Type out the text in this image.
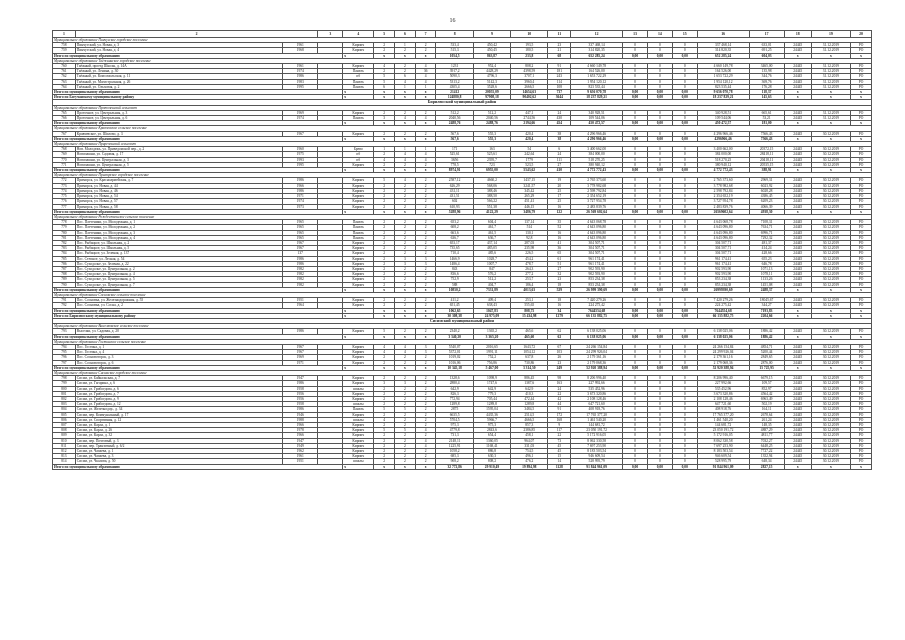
16
1	2		3	4	5	6	7	8	9	10	11	12	13	14	15	16	17	18	19	20
Муниципальное образование Пинчугское городское поселение																				
758	Пинчугский, ул. Новая, д. 3	1961		Кирпич	2	1	2	533,4	450,42	193,5	23	337 468,14	0	0	0	337 468,14	633,01	24445	31.12.2019	РО
759	Пинчугский, ул. Новая, д. 4	1968		Кирпич	2	2	2	515,3	450,45	180,5	21	314 820,35	0	0	0	314 820,35	691,25	24445	31.12.2019	РО
Итого по муниципальному образованию				x	x	x	x	1054,5	863,87	233,8	68	652 285,24	0,00	0,00	0,00	652 285,24	604,03	х	х	х
Муниципальное образование Таёжнинское городское поселение																				
760	Таёжный, проезд Школы, д. 14А	1961		Кирпич	4	2	4	1231	952,4	808,2	91	4 660 149,78	0	0	0	4 660 149,78	3465,00	24445	31.12.2019	РО
761	Таёжный, ул. Ленина, д. 30	1974		Панель	2	2	36	3917,2	4428,29	4398,59	181	164 526,00	0	0	0	164 526,00	135,98	24445	31.12.2019	РО
762	Таёжный, ул. Комсомольская, д. 11	1986		пб	5	6	4	5090,3	4796,3	3707,1	243	1 653 722,29	0	0	0	1 653 722,29	344,76	24445	31.12.2019	РО
763	Таёжный, ул. Магистральная, д. 26	1983		Панель	5	4	4	5313,2	5142,3	3960,4	114	1 954 120,12	0	0	0	1 954 120,12	369,76	24445	31.12.2019	РО
764	Таёжный, ул. Ольховая, д. 2	1995		Панель	6	1	1	4305,4	3528,6	2666,5	108	823 535,44	0	0	0	823 535,44	176,28	24445	31.12.2019	РО
Итого по муниципальному образованию				x	x	x	x	21412	20055,09	14654,63	737	9 656 070,78	0,00	0,00	0,00	9 656 070,78	118,37	х	х	х
Итого по Богучанскому муниципальному району				x	x	x	x	124880,8	97908,18	90402,62	3644	18 237 829,21	0,00	0,00	0,00	18 237 829,21	145,63	х	х	х
Бирилюсский муниципальный район																				
Муниципальное образование Проточенский сельсовет																				
765	Проточное, ул. Центральная, д. 3	1969		Кирпич	2	2	2	512,2	512,2	447,1	24	340 928,51	0	0	0	340 928,51	665,61	24445	31.12.2019	РО
766	Проточное, ул. Центральная, д. 6	1974		Панель	3	4	4	2040,56	2040,56	2744,56	430	109 544,06	0	0	0	109 544,06	53,21	24445	31.12.2019	РО
Итого по муниципальному образованию				x	x	x	x	2488,76	2488,76	2194,66	454	450 472,57	0,00	0,00	0,00	450 472,57	181,00	х	х	х
Муниципальное образование Кравчевское сельское поселение																				
767	Кравчевское, ул. Шилово, д. 3	1967		Кирпич	2	2	2	567,6	555,3	420,4	38	4 296 966,46	0	0	0	4 296 966,46	7566,43	24445	30.12.2019	РО
Итого по муниципальному образованию				x	x	x	x	567,6	555,3	420,4	38	4 296 966,46	0,00	0,00	0,00	4296966,46	7566,43	х	х	х
Муниципальное образование Приреченский сельсовет																				
768	Нов. Молодежь, ул. Приведомской пер., д. 2	1960		Брево	1	1	1	171	163	54	6	3 400 662,00	0	0	0	3 400 662,00	20372,15	24445	30.12.2019	РО
769	Новопашни, ул. Садовая, д. 17	1975		пб	2	4	4	525,61	525,61	242,64	24	384 000,00	0	0	0	384 000,00	28418,11	24445	30.12.2019	РО
770	Новопашни, ул. Центральная, д. 3	1993		пб	4	4	4	3656	2395,7	1779	111	518 270,25	0	0	0	518 270,25	20418,11	24445	30.12.2019	РО
771	Новопашни, ул. Центральная, д. 5	1995		Кирпич	2	2	2	778,5	723	523,5	27	380 940,12	0	0	0	380 940,12	20535,15	24445	30.12.2019	РО
Итого по муниципальному образованию				x	x	x	x	8974,91	6955,00	5543,62	410	4 772 772,43	0,00	0,00	0,00	4 772 772,43	388,91	х	х	х
Муниципальное образование Приморское городское поселение																				
772	Приморск, ул. Красноармейская, д. 7	1986		Кирпич	5	4	2	2587,12	4660,2	1437,15	19	2 765 373,60	0	0	0	2 765 373,60	2969,31	24445	30.12.2019	РО
773	Приморск, ул. Новая, д. 44	1966		Кирпич	2	2	2	626,29	568,06	3241,57	20	3 778 982,68	0	0	0	3 778 982,68	6023,92	24445	30.12.2019	РО
774	Приморск, ул. Новая, д. 46	1986		Кирпич	2	2	2	431,11	388,46	345,42	25	2 598 792,84	0	0	0	2 598 792,84	6028,28	24445	30.12.2019	РО
775	Приморск, ул. Новая, д. 54	1971		Кирпич	2	2	2	431,51	388,50	265,29	17	2 354 652,19	0	0	0	2 354 652,19	4386,45	24445	30.12.2019	РО
776	Приморск, ул. Новая, д. 57	1974		Кирпич	2	2	2	602	566,22	451,41	25	3 727 954,78	0	0	0	3 727 954,78	6209,23	24445	30.12.2019	РО
777	Приморск, ул. Новая, д. 58	1973		Кирпич	2	2	2	610,93	551,38	446,15	16	2 483 839,76	0	0	0	2 483 839,76	4066,39	24445	30.12.2019	РО
Итого по муниципальному образованию				x	x	x	x	5288,96	4122,29	3486,79	122	26 569 602,64	0,00	0,00	0,00	26569602,64	4938,30	х	х	х
Муниципальное образование Рождественское сельское поселение																				
778	Пос. Плетеники, ул. Молодежная, д. 1	1965		Панель	2	2	2	653,2	604,4	137,14	35	4 643 068,78	0	0	0	4 643 068,78	7108,31	24445	30.12.2019	РО
779	Пос. Плетеники, ул. Молодежная, д. 2	1965		Панель	2	2	2	608,2	461,7	514	52	4 643 096,80	0	0	0	4 643 096,80	7634,71	24445	30.12.2019	РО
780	Пос. Плетеники, ул. Молодежная, д. 3	1965		Панель	2	2	2	663,6	461,5	130,1	16	4 643 096,80	0	0	0	4 643 096,80	6996,71	24445	30.12.2019	РО
781	Пос. Плетеники, ул. Молодежная, д. 4	1965		Панель	2	2	2	636,7	636,7	92,8	16	4 643 096,80	0	0	0	4 643 096,80	7292,32	24445	30.12.2019	РО
782	Пос. Рыбацкое, ул. Школьная, д. 2	1967		Кирпич	2	2	2	653,17	437,14	287,03	41	304 507,71	0	0	0	304 507,71	481,37	24445	30.12.2019	РО
783	Пос. Рыбацкое, ул. Школьная, д. 5	1967		Кирпич	2	2	2	735,65	485,05	235,98	36	304 507,71	0	0	0	304 507,71	414,24	24445	30.12.2019	РО
784	Пос. Рыбацкое, ул. Зеленая, д. 137	137		Кирпич	2	2	2	710,4	485,6	226,5	65	304 507,71	0	0	0	304 507,71	428,66	24445	30.12.2019	РО
785	Пос. Степное, ул. Лесная, д. 54	1986		Кирпич	2	3	3	1466,9	1028,7	454,2	61	961 174,41	0	0	0	961 174,41	655,23	24445	30.12.2019	РО
786	Пос. Суходолье, ул. Зеленая, д. 22	1986		Кирпич	2	3	3	1486,4	1007,7	478,7	51	961 174,41	0	0	0	961 174,41	646,78	24445	30.12.2019	РО
787	Пос. Суходолье, ул. Центральная, д. 2	1982		Кирпич	2	2	2	843	847	264,3	27	902 593,90	0	0	0	902 593,90	1071,13	24445	30.12.2019	РО
788	Пос. Суходолье, ул. Центральная, д. 4	1982		Кирпич	2	2	2	836,6	576,2	277,2	32	902 593,90	0	0	0	902 593,90	1078,11	24445	30.12.2019	РО
789	Пос. Суходолье, ул. Центральная, д. 5	1982		Кирпич	2	2	2	752,9	512,2	253,7	23	853 234,38	0	0	0	853 234,38	1133,26	24445	30.12.2019	РО
790	Пос. Суходолье, ул. Центральная, д. 7	1982		Кирпич	2	2	2	588	404,7	186,4	18	853 234,38	0	0	0	853 234,38	1451,08	24445	30.12.2019	РО
Итого по муниципальному образованию				x	x	x	x	10850,2	7331,89	4013,63	529	26 999 390,69	0,00	0,00	0,00	26999390,69	2488,37	х	х	х
Муниципальное образование Сосновское сельское поселение																				
791	Пос. Сосновка, ул. Железнодорожная, д. 55	1951		Кирпич	2	2	2	411,2	409,4	253,1	18	7 420 279,26	0	0	0	7 420 279,26	18045,67	24445	30.12.2019	РО
792	Пос. Сосновка, ул. Сосна, д. 2	1964		Кирпич	2	2	2	651,45	638,43	555,65	16	224 275,42	0	0	0	224 275,42	344,27	24445	30.12.2019	РО
Итого по муниципальному образованию				x	x	x	x	1062,65	1047,83	808,75	34	7644554,68	0,00	0,00	0,00	7644554,68	7193,83	х	х	х
Итого по Бирилюсскому муниципальному району				x	x	x	x	30 308,38	24 975,09	15 434,98	1279	66 135 882,75	0,00	0,00	0,00	66 135 882,75	2204,66	х	х	х
Сисимский муниципальный район																				
Муниципальное образование Выселковское сельское поселение																				
793	Выселки, ул. Садовая, д. 20	1986		Кирпич	5	2	2	2340,2	1365,2	465,6	62	6 138 025,06	0	0	0	6 138 025,06	1886,42	24445	30.12.2019	РО
Итого по муниципальному образованию				x	x	x	x	3 340,20	3 365,20	465,60	62	6 138 025,06	0,00	0,00	0,00	6 138 025,06	1886,42	х	х	х
Муниципальное образование Гостинское сельское поселение																				
794	Пос. Гостина, д. 1	1967		Кирпич	4	4	3	5540,07	2016,65	1643,72	67	24 266 154,84	0	0	0	24 266 154,84	4854,71	24445	30.12.2019	РО
795	Пос. Гостина, д. 4	1967		Кирпич	4	4	3	5372,01	1991,11	1054,12	103	24 299 926,04	0	0	0	24 299 926,04	5200,44	24445	30.12.2019	РО
796	Пос. Сосновоторск, д. 3	1969		Кирпич	2	2	2	1019,02	752,2	637,8	26	2 179 361,16	0	0	0	2 179 361,16	2849,65	24445	30.12.2019	РО
797	Пос. Сосновоторск, д. 6	1971		Кирпич	2	2	2	1016,06	756,86	730,86	23	2 179 068,36	0	0	0	2 179 068,36	2876,00	24445	30.12.2019	РО
Итого по муниципальному образованию				x	x	x	x	10 345,18	5 467,00	3 314,50	249	52 920 388,94	0,00	0,00	0,00	52 920 388,94	15 725,95	х	х	х
Муниципальное образование Сисимское городское поселение																				
798	Сисим, ул. Байкальская, д. 7	1947		Кирпич	2	2	2	1328,6	1098,9	886,45	98	8 206 996,40	0	0	0	8 206 996,40	6679,15	24445	30.12.2019	РО
799	Сисим, ул. Гагарина, д. 6	1986		Кирпич	3	3	2	2880,4	1747,6	1387,6	163	227 992,66	0	0	0	227 992,66	109,57	24445	30.12.2019	РО
800	Сисим, ул. Грибоедова, д. 6	1958		шпалы	2	2	2	642,9	642,9	642,9	24	535 452,96	0	0	0	535 452,96	852,97	24445	30.12.2019	РО
801	Сисим, ул. Грибоедова, д. 7	1956		Кирпич	2	2	2	826,3	779,3	410,3	22	3 673 320,86	0	0	0	3 673 320,86	4564,42	24445	30.12.2019	РО
802	Сисим, ул. Грибоедова, д. 9	1956		Кирпич	2	2	2	772,94	705,44	472,44	42	2 108 128,46	0	0	0	2 108 128,46	6963,49	24445	30.12.2019	РО
803	Сисим, ул. Грибоедова, д. 12	1958		шпалы	2	2	2	1289,8	1289,8	1289,8	44	647 721,60	0	0	0	647 721,60	502,19	24445	30.12.2019	РО
804	Сисим, ул. Железнодор., д. 34	1986		Панель	5	5	2	2875	1595,04	3484,5	91	408 918,76	0	0	0	408 918,76	164,11	24445	30.12.2019	РО
805	Сисим, пер. Коммунальный, д. 17	1946		Кирпич	2	2	2	6635,5	4435,36	2514,5	172	17 765 377,20	0	0	0	17 765 377,20	2678,64	24445	30.12.2019	РО
806	Сисим, ул. Спортивная, д. 12	1988		шпалы	4	2	2	5704,5	5966,7	4666,5	168	1 461 540,20	0	0	0	1 461 540,20	261,24	24445	30.12.2019	РО
807	Сисим, ул. Карла, д. 1	1966		Кирпич	2	2	2	975,3	975,3	857,3	9	144 681,72	0	0	0	144 681,72	148,35	24445	30.12.2019	РО
808	Сисим, ул. Карла, д. 26	1978		Кирпич	5	5	4	4779,8	2843,6	2386,85	117	23 050 191,72	0	0	0	23 050 191,72	4887,29	24445	30.12.2019	РО
809	Сисим, ул. Карла, д. 32	1966		Кирпич	2	2	2	731,3	654,4	458,1	22	5 172 916,05	0	0	0	5 172 916,05	4811,77	24445	30.12.2019	РО
810	Сисим, пер. Почтовый, д. 3	1947		Кирпич	2	2	4	2148,11	1360,05	964,07	73	8 062 330,58	0	0	0	8 062 330,58	7032,27	24445	30.12.2019	РО
811	Сисим, пер. Транзитный, д. 6/2	1949		Кирпич	2	2	4	1225,91	1168,41	331,03	45	7 697 253,90	0	0	0	7 697 253,90	6448,25	24445	30.12.2019	РО
812	Сисим, ул. Чапаева, д. 1	1962		Кирпич	2	2	2	1058,2	886,8	754,5	45	8 183 503,54	0	0	0	8 183 503,54	7727,22	24445	30.12.2019	РО
813	Сисим, ул. Чапаева, д. 3	1961		Кирпич	2	2	2	685,3	630,3	496,1	15	946 609,54	0	0	0	946 609,54	1352,94	24445	30.12.2019	РО
814	Сисим, ул. Чкалова, д. 50	1951		шпалы	2	2	2	908,2	808,2	476,2	14	528 995,79	0	0	0	528 995,79	648,34	24445	30.12.2019	РО
Итого по муниципальному образованию				x	x	x	x	32 772,86	29 910,49	19 894,98	1128	91 844 961,09	0,00	0,00	0,00	91 844 961,09	2827,15	х	х	х
